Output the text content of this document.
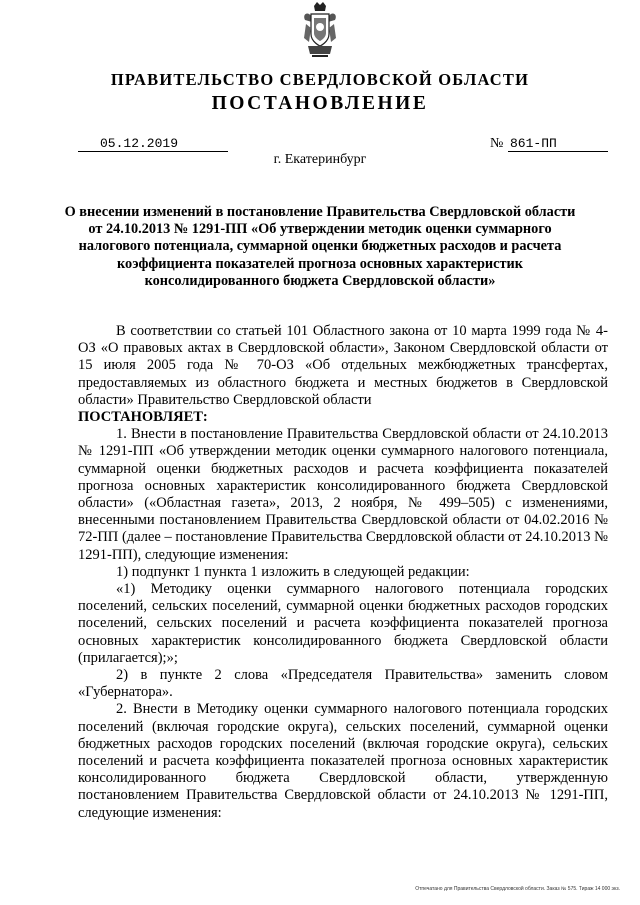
ПРАВИТЕЛЬСТВО СВЕРДЛОВСКОЙ ОБЛАСТИ
ПОСТАНОВЛЕНИЕ
05.12.2019	№ 861-ПП
г. Екатеринбург
О внесении изменений в постановление Правительства Свердловской области от 24.10.2013 № 1291-ПП «Об утверждении методик оценки суммарного налогового потенциала, суммарной оценки бюджетных расходов и расчета коэффициента показателей прогноза основных характеристик консолидированного бюджета Свердловской области»

В соответствии со статьей 101 Областного закона от 10 марта 1999 года № 4-ОЗ «О правовых актах в Свердловской области», Законом Свердловской области от 15 июля 2005 года № 70-ОЗ «Об отдельных межбюджетных трансфертах, предоставляемых из областного бюджета и местных бюджетов в Свердловской области» Правительство Свердловской области

ПОСТАНОВЛЯЕТ:

1. Внести в постановление Правительства Свердловской области от 24.10.2013 № 1291-ПП «Об утверждении методик оценки суммарного налогового потенциала, суммарной оценки бюджетных расходов и расчета коэффициента показателей прогноза основных характеристик консолидированного бюджета Свердловской области» («Областная газета», 2013, 2 ноября, № 499–505) с изменениями, внесенными постановлением Правительства Свердловской области от 04.02.2016 № 72-ПП (далее – постановление Правительства Свердловской области от 24.10.2013 № 1291-ПП), следующие изменения:

1) подпункт 1 пункта 1 изложить в следующей редакции:

«1) Методику оценки суммарного налогового потенциала городских поселений, сельских поселений, суммарной оценки бюджетных расходов городских поселений, сельских поселений и расчета коэффициента показателей прогноза основных характеристик консолидированного бюджета Свердловской области (прилагается);»;

2) в пункте 2 слова «Председателя Правительства» заменить словом «Губернатора».

2. Внести в Методику оценки суммарного налогового потенциала городских поселений (включая городские округа), сельских поселений, суммарной оценки бюджетных расходов городских поселений (включая городские округа), сельских поселений и расчета коэффициента показателей прогноза основных характеристик консолидированного бюджета Свердловской области, утвержденную постановлением Правительства Свердловской области от 24.10.2013 № 1291-ПП, следующие изменения:

Отпечатано для Правительства Свердловской области. Заказ № 575. Тираж 14 000 экз.
